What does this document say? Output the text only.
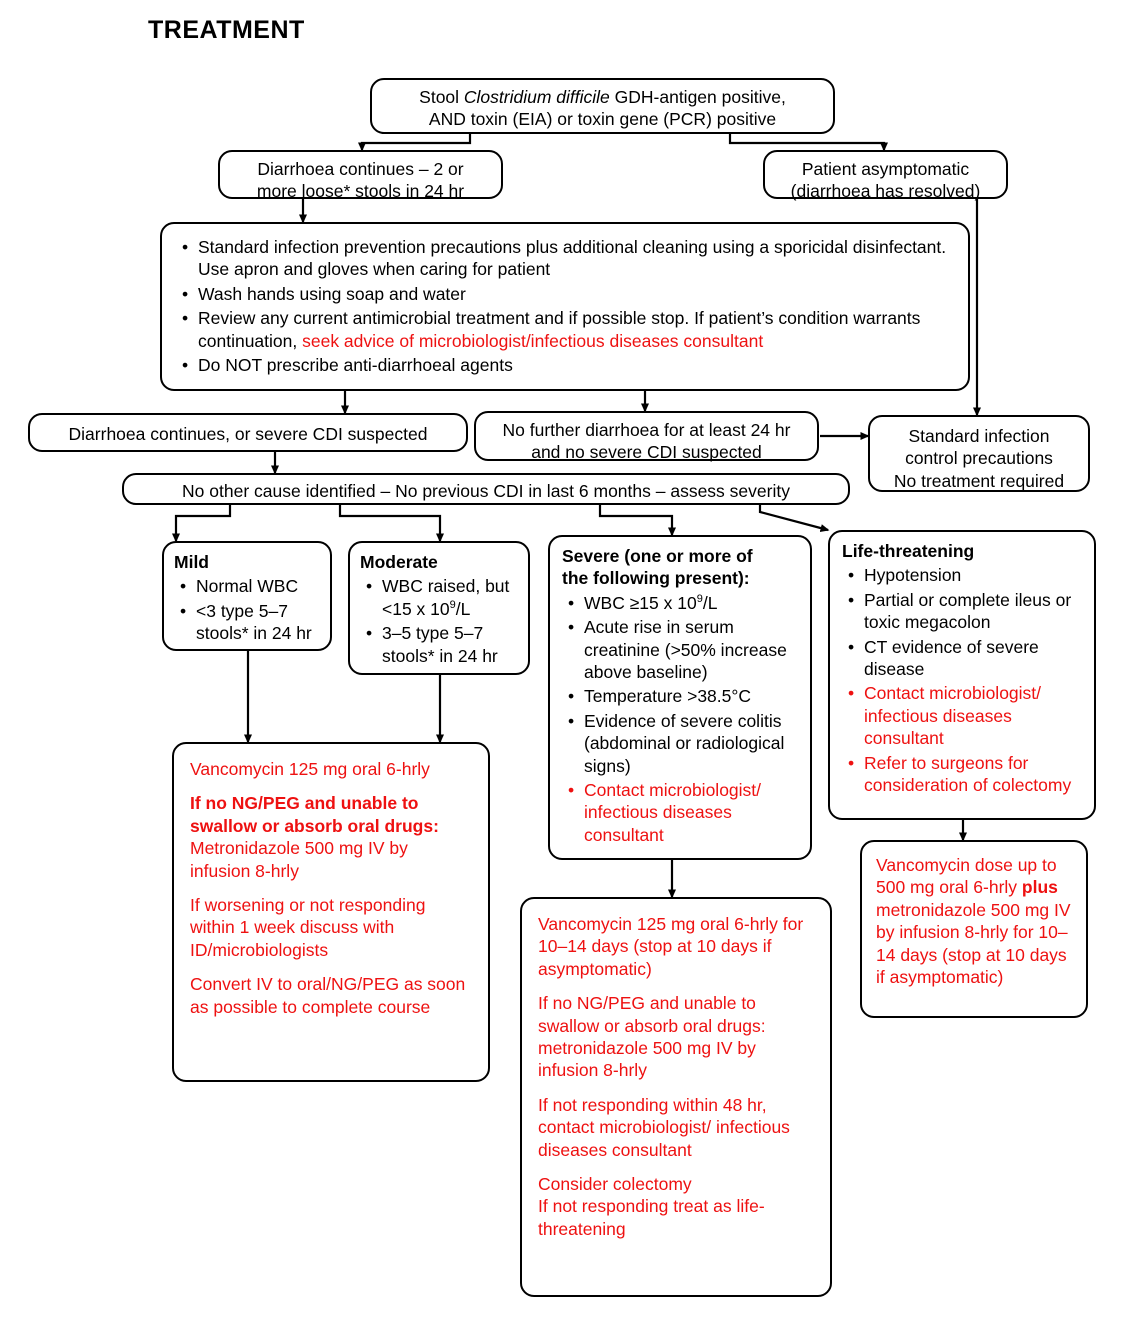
TREATMENT
Stool Clostridium difficile GDH-antigen positive,
AND toxin (EIA) or toxin gene (PCR) positive
Diarrhoea continues – 2 or
more loose* stools in 24 hr
Patient asymptomatic
(diarrhoea has resolved)
• Standard infection prevention precautions plus additional cleaning using a sporicidal disinfectant. Use apron and gloves when caring for patient
• Wash hands using soap and water
• Review any current antimicrobial treatment and if possible stop. If patient’s condition warrants continuation, seek advice of microbiologist/infectious diseases consultant
• Do NOT prescribe anti-diarrhoeal agents
Diarrhoea continues, or severe CDI suspected	No further diarrhoea for at least 24 hr
and no severe CDI suspected
Standard infection
control precautions
No treatment required
No other cause identified – No previous CDI in last 6 months – assess severity
Mild
• Normal WBC
• <3 type 5–7 stools* in 24 hr
Moderate
• WBC raised, but <15 x $10^9/L$
• 3–5 type 5–7 stools* in 24 hr
Severe (one or more of
the following present):
• WBC ≥15 x $10^9/L$
• Acute rise in serum creatinine (>50% increase above baseline)
• Temperature >38.5°C
• Evidence of severe colitis (abdominal or radiological signs)
• Contact microbiologist/ infectious diseases consultant
Life-threatening
• Hypotension
• Partial or complete ileus or toxic megacolon
• CT evidence of severe disease
• Contact microbiologist/ infectious diseases consultant
• Refer to surgeons for consideration of colectomy
Vancomycin 125 mg oral 6-hrly
If no NG/PEG and unable to swallow or absorb oral drugs: Metronidazole 500 mg IV by infusion 8-hrly
If worsening or not responding within 1 week discuss with ID/microbiologists
Convert IV to oral/NG/PEG as soon as possible to complete course
Vancomycin 125 mg oral 6-hrly for 10–14 days (stop at 10 days if asymptomatic)
If no NG/PEG and unable to swallow or absorb oral drugs: metronidazole 500 mg IV by infusion 8-hrly
If not responding within 48 hr, contact microbiologist/ infectious diseases consultant
Consider colectomy
If not responding treat as life-threatening
Vancomycin dose up to 500 mg oral 6-hrly plus metronidazole 500 mg IV by infusion 8-hrly for 10–14 days (stop at 10 days if asymptomatic)
